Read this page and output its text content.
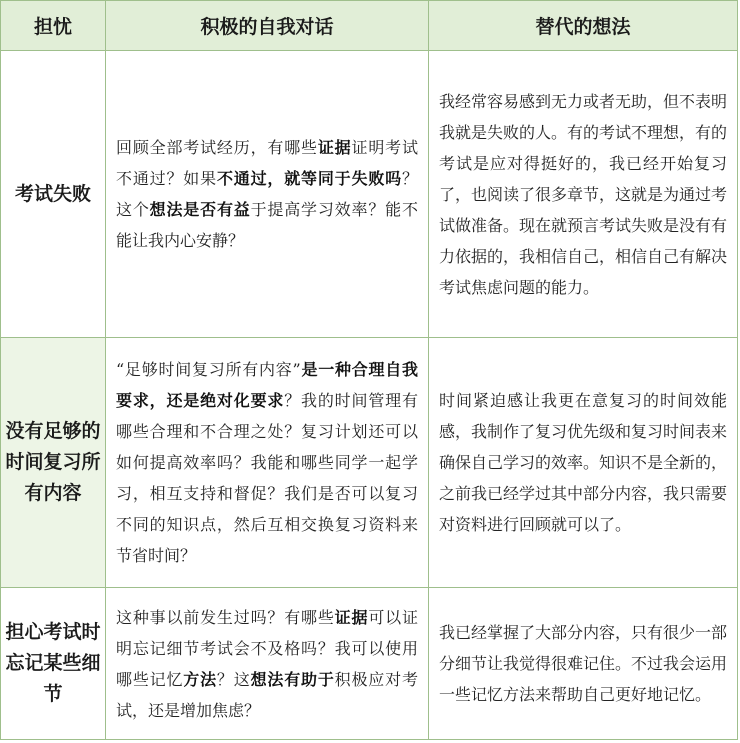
担忧	积极的自我对话	替代的想法
考试失败	回顾全部考试经历，有哪些证据证明考试不通过？如果不通过，就等同于失败吗？这个想法是否有益于提高学习效率？能不能让我内心安静？	我经常容易感到无力或者无助，但不表明我就是失败的人。有的考试不理想，有的考试是应对得挺好的，我已经开始复习了，也阅读了很多章节，这就是为通过考试做准备。现在就预言考试失败是没有有力依据的，我相信自己，相信自己有解决考试焦虑问题的能力。
没有足够的时间复习所有内容	“足够时间复习所有内容”是一种合理自我要求，还是绝对化要求？我的时间管理有哪些合理和不合理之处？复习计划还可以如何提高效率吗？我能和哪些同学一起学习，相互支持和督促？我们是否可以复习不同的知识点，然后互相交换复习资料来节省时间？	时间紧迫感让我更在意复习的时间效能感，我制作了复习优先级和复习时间表来确保自己学习的效率。知识不是全新的，之前我已经学过其中部分内容，我只需要对资料进行回顾就可以了。
担心考试时忘记某些细节	这种事以前发生过吗？有哪些证据可以证明忘记细节考试会不及格吗？我可以使用哪些记忆方法？这想法有助于积极应对考试，还是增加焦虑？	我已经掌握了大部分内容，只有很少一部分细节让我觉得很难记住。不过我会运用一些记忆方法来帮助自己更好地记忆。
